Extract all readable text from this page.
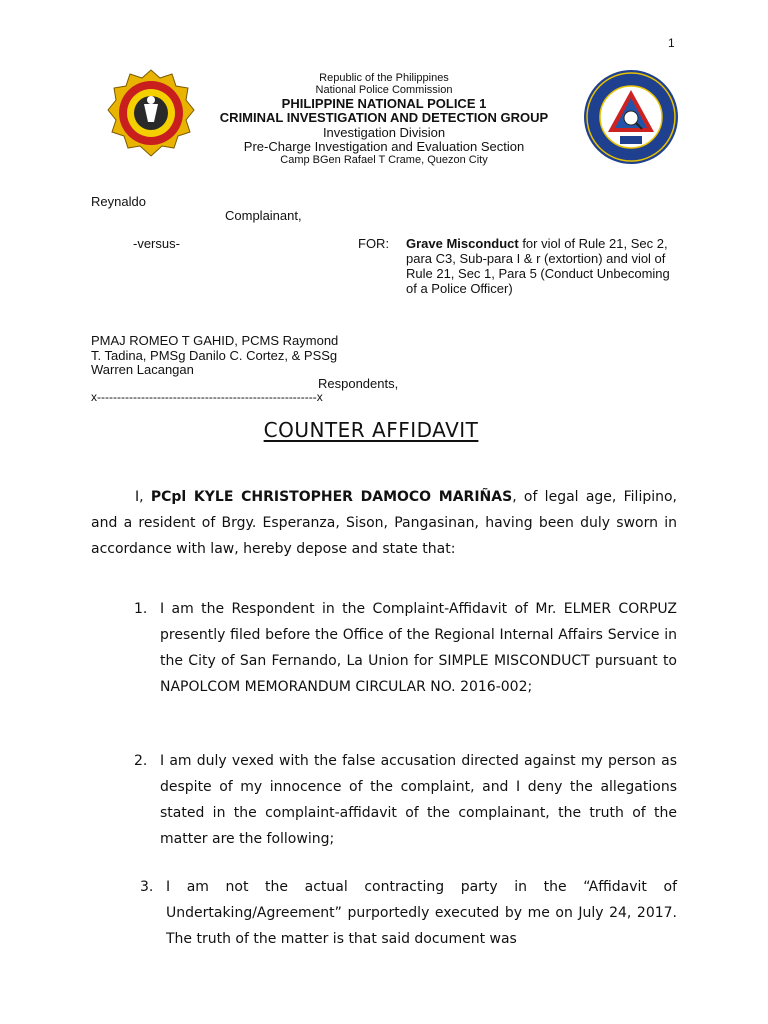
1
Republic of the Philippines
National Police Commission
PHILIPPINE NATIONAL POLICE 1
CRIMINAL INVESTIGATION AND DETECTION GROUP
Investigation Division
Pre-Charge Investigation and Evaluation Section
Camp BGen Rafael T Crame, Quezon City
Reynaldo
Complainant,
-versus-	FOR: Grave Misconduct for viol of Rule 21, Sec 2, para C3, Sub-para I & r (extortion) and viol of Rule 21, Sec 1, Para 5 (Conduct Unbecoming of a Police Officer)
PMAJ ROMEO T GAHID, PCMS Raymond
T. Tadina, PMSg Danilo C. Cortez, & PSSg
Warren Lacangan
Respondents,
x-------------------------------------------------------x
COUNTER AFFIDAVIT
I, PCpl KYLE CHRISTOPHER DAMOCO MARIÑAS, of legal age, Filipino, and a resident of Brgy. Esperanza, Sison, Pangasinan, having been duly sworn in accordance with law, hereby depose and state that:
1. I am the Respondent in the Complaint-Affidavit of Mr. ELMER CORPUZ presently filed before the Office of the Regional Internal Affairs Service in the City of San Fernando, La Union for SIMPLE MISCONDUCT pursuant to NAPOLCOM MEMORANDUM CIRCULAR NO. 2016-002;
2. I am duly vexed with the false accusation directed against my person as despite of my innocence of the complaint, and I deny the allegations stated in the complaint-affidavit of the complainant, the truth of the matter are the following;
3. I am not the actual contracting party in the “Affidavit of Undertaking/Agreement” purportedly executed by me on July 24, 2017. The truth of the matter is that said document was
